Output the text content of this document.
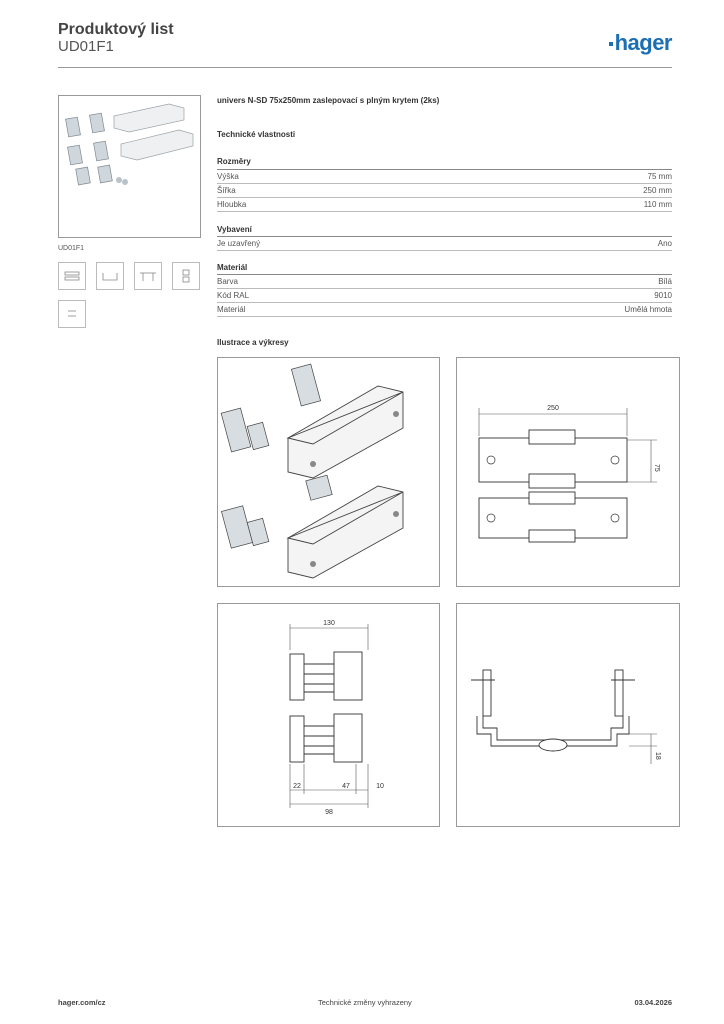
Produktový list
UD01F1	hager
UD01F1
univers N-SD 75x250mm zaslepovací s plným krytem (2ks)
Technické vlastnosti
Rozměry
Výška	75 mm
Šířka	250 mm
Hloubka	110 mm
Vybavení
Je uzavřený	Ano
Materiál
Barva	Bílá
Kód RAL	9010
Materiál	Umělá hmota
Ilustrace a výkresy
250
75
130
22	47	10
98
18
hager.com/cz	Technické změny vyhrazeny	03.04.2026
